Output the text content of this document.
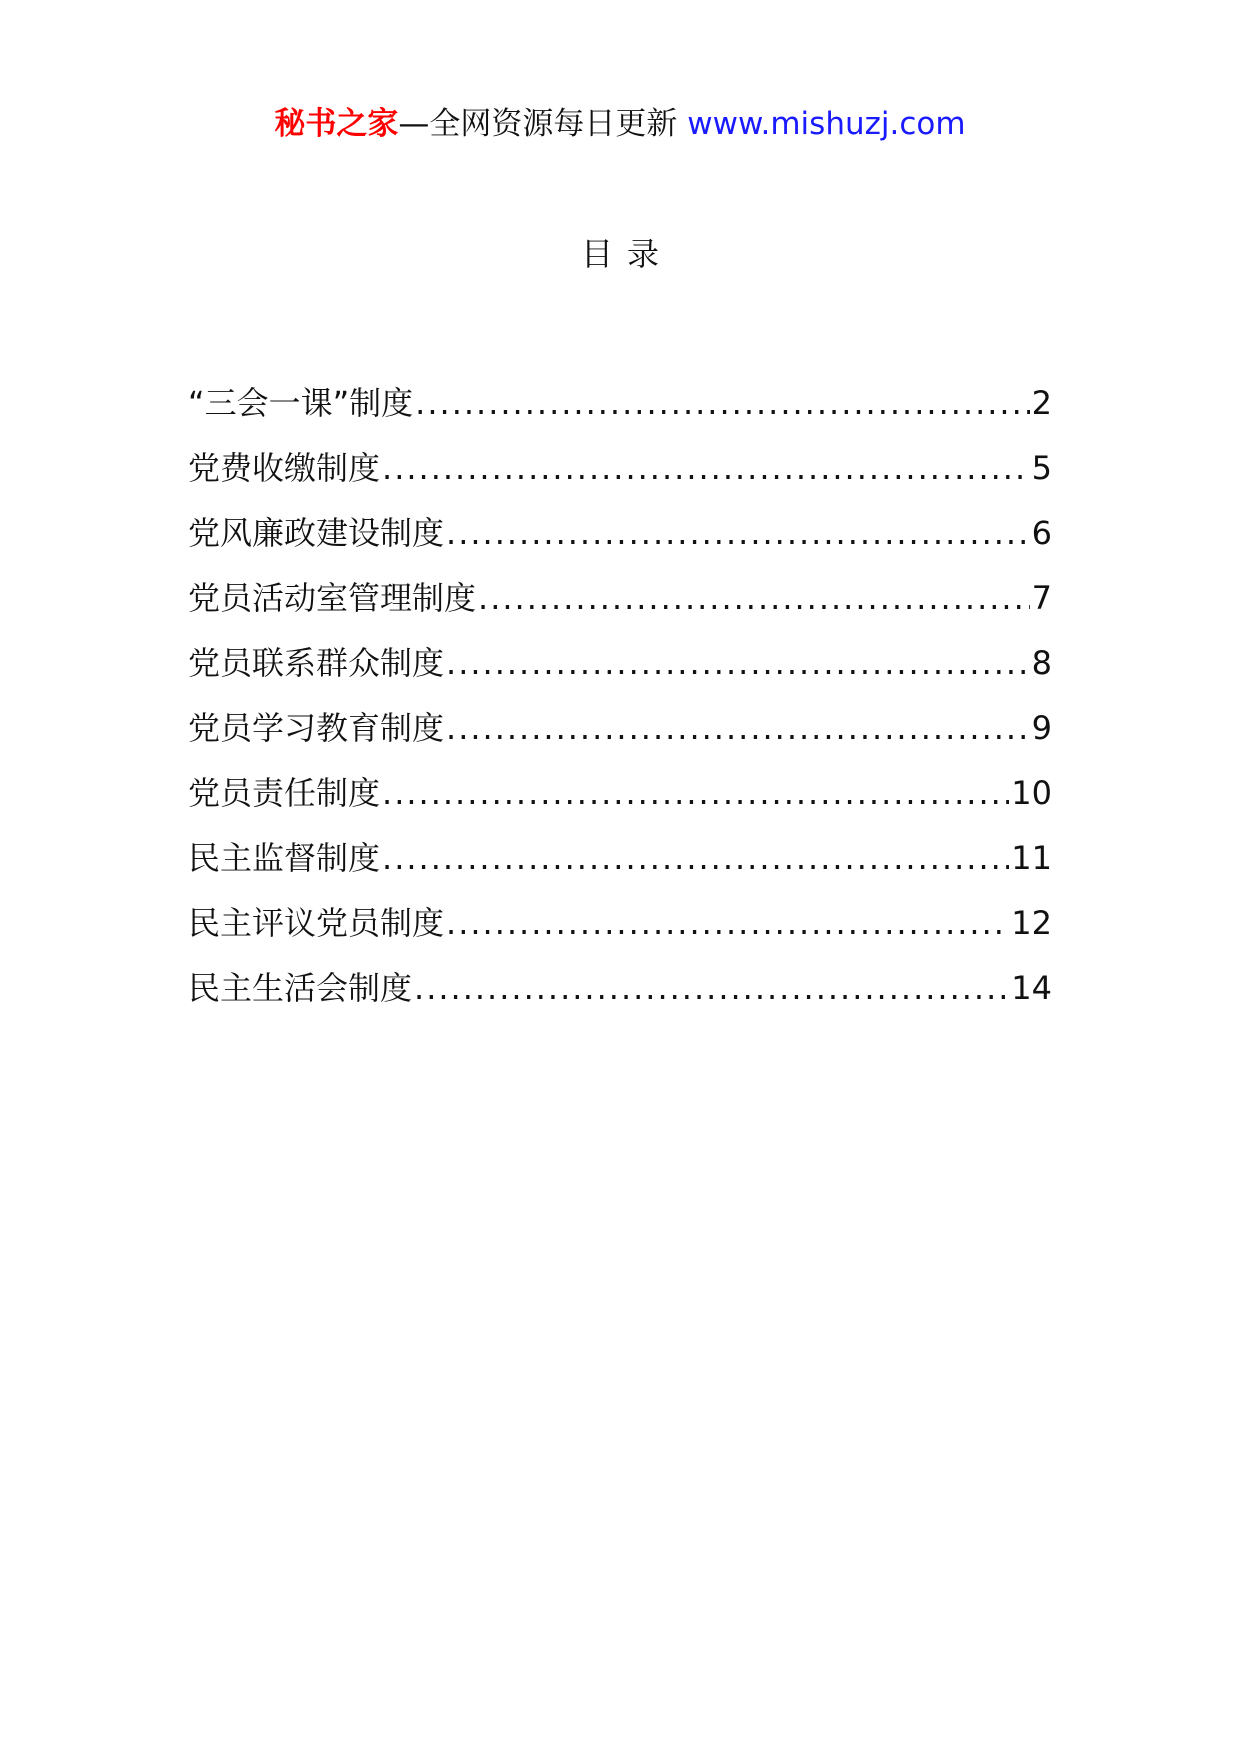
秘书之家—全网资源每日更新 www.mishuzj.com
目录
“三会一课”制度 .....	2
党费收缴制度 .....	5
党风廉政建设制度 .....	6
党员活动室管理制度 .....	7
党员联系群众制度 .....	8
党员学习教育制度 .....	9
党员责任制度 .....	10
民主监督制度 .....	11
民主评议党员制度 .....	12
民主生活会制度 .....	14
